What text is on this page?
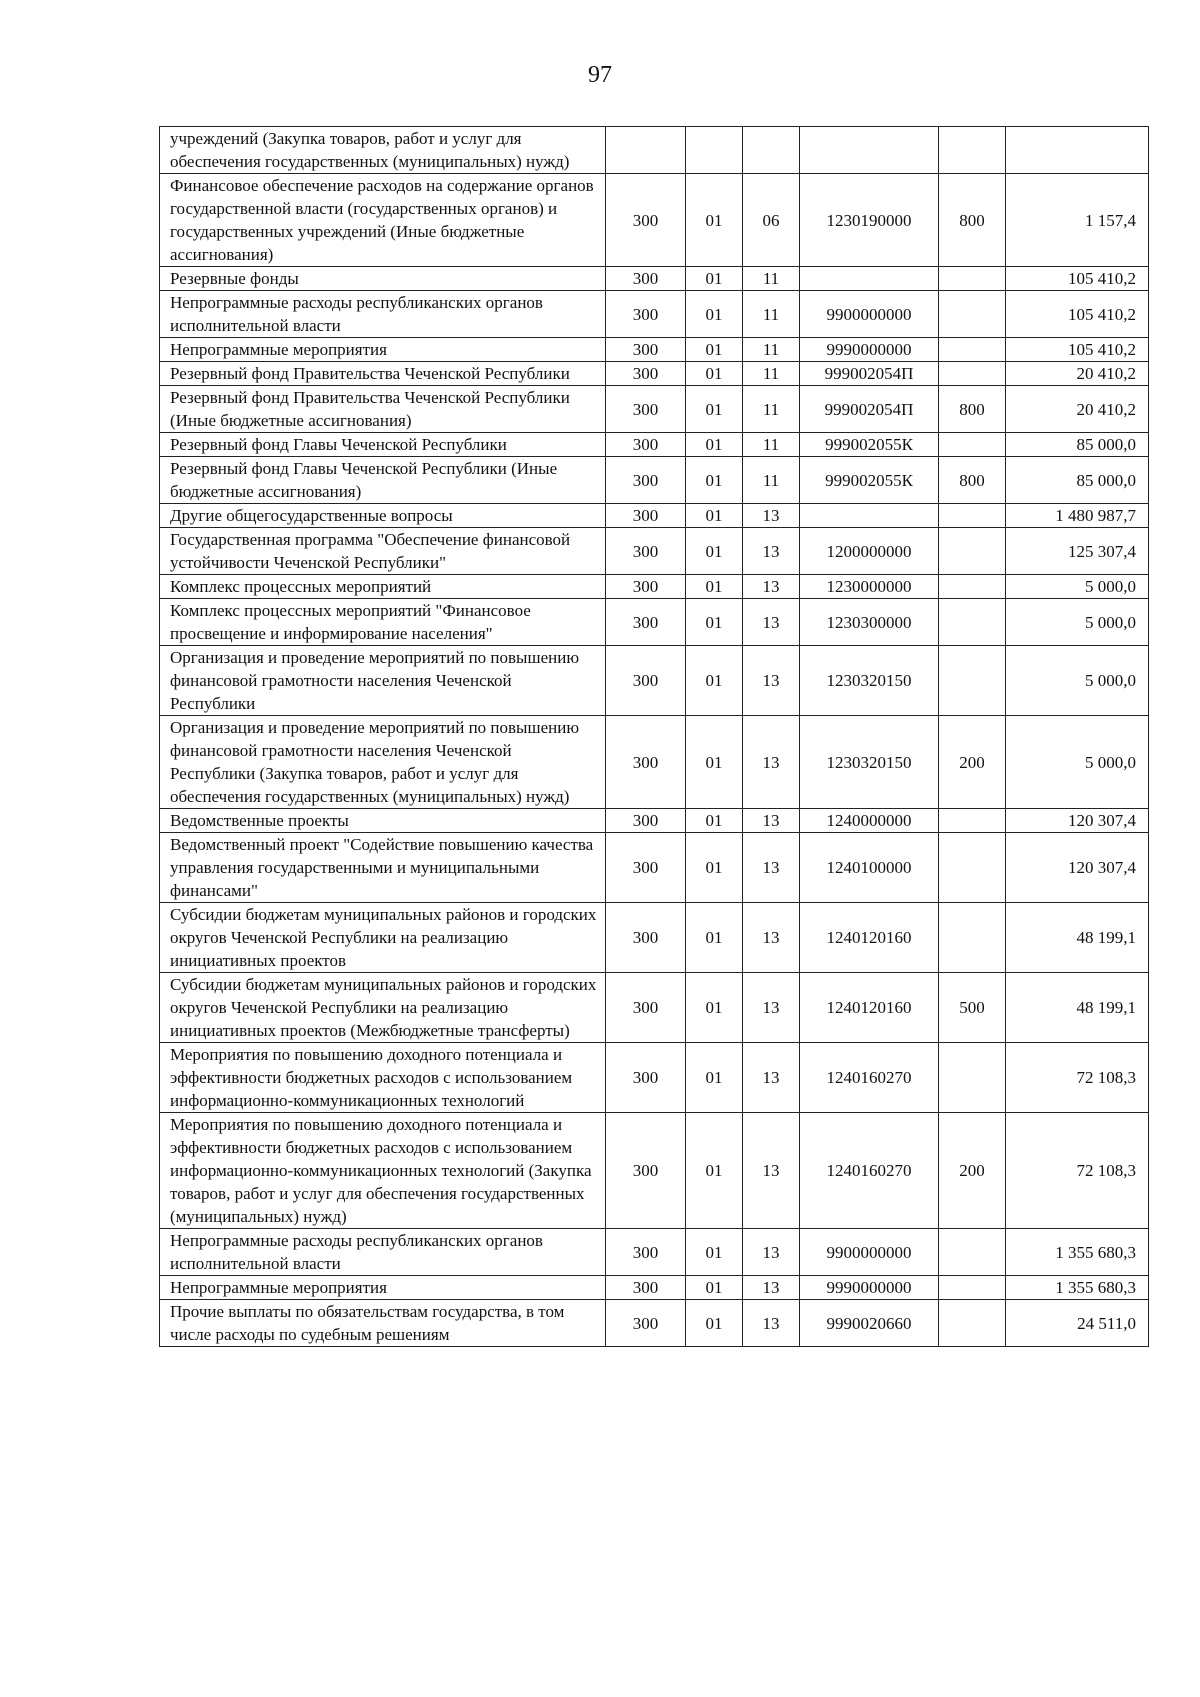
97
учреждений (Закупка товаров, работ и услуг для обеспечения государственных (муниципальных) нужд)						
Финансовое обеспечение расходов на содержание органов государственной власти (государственных органов) и государственных учреждений (Иные бюджетные ассигнования)	300	01	06	1230190000	800	1 157,4
Резервные фонды	300	01	11			105 410,2
Непрограммные расходы республиканских органов исполнительной власти	300	01	11	9900000000		105 410,2
Непрограммные мероприятия	300	01	11	9990000000		105 410,2
Резервный фонд Правительства Чеченской Республики	300	01	11	999002054П		20 410,2
Резервный фонд Правительства Чеченской Республики (Иные бюджетные ассигнования)	300	01	11	999002054П	800	20 410,2
Резервный фонд Главы Чеченской Республики	300	01	11	999002055К		85 000,0
Резервный фонд Главы Чеченской Республики (Иные бюджетные ассигнования)	300	01	11	999002055К	800	85 000,0
Другие общегосударственные вопросы	300	01	13			1 480 987,7
Государственная программа "Обеспечение финансовой устойчивости Чеченской Республики"	300	01	13	1200000000		125 307,4
Комплекс процессных мероприятий	300	01	13	1230000000		5 000,0
Комплекс процессных мероприятий "Финансовое просвещение и информирование населения"	300	01	13	1230300000		5 000,0
Организация и проведение мероприятий по повышению финансовой грамотности населения Чеченской Республики	300	01	13	1230320150		5 000,0
Организация и проведение мероприятий по повышению финансовой грамотности населения Чеченской Республики (Закупка товаров, работ и услуг для обеспечения государственных (муниципальных) нужд)	300	01	13	1230320150	200	5 000,0
Ведомственные проекты	300	01	13	1240000000		120 307,4
Ведомственный проект "Содействие повышению качества управления государственными и муниципальными финансами"	300	01	13	1240100000		120 307,4
Субсидии бюджетам муниципальных районов и городских округов Чеченской Республики на реализацию инициативных проектов	300	01	13	1240120160		48 199,1
Субсидии бюджетам муниципальных районов и городских округов Чеченской Республики на реализацию инициативных проектов (Межбюджетные трансферты)	300	01	13	1240120160	500	48 199,1
Мероприятия по повышению доходного потенциала и эффективности бюджетных расходов с использованием информационно-коммуникационных технологий	300	01	13	1240160270		72 108,3
Мероприятия по повышению доходного потенциала и эффективности бюджетных расходов с использованием информационно-коммуникационных технологий (Закупка товаров, работ и услуг для обеспечения государственных (муниципальных) нужд)	300	01	13	1240160270	200	72 108,3
Непрограммные расходы республиканских органов исполнительной власти	300	01	13	9900000000		1 355 680,3
Непрограммные мероприятия	300	01	13	9990000000		1 355 680,3
Прочие выплаты по обязательствам государства, в том числе расходы по судебным решениям	300	01	13	9990020660		24 511,0
